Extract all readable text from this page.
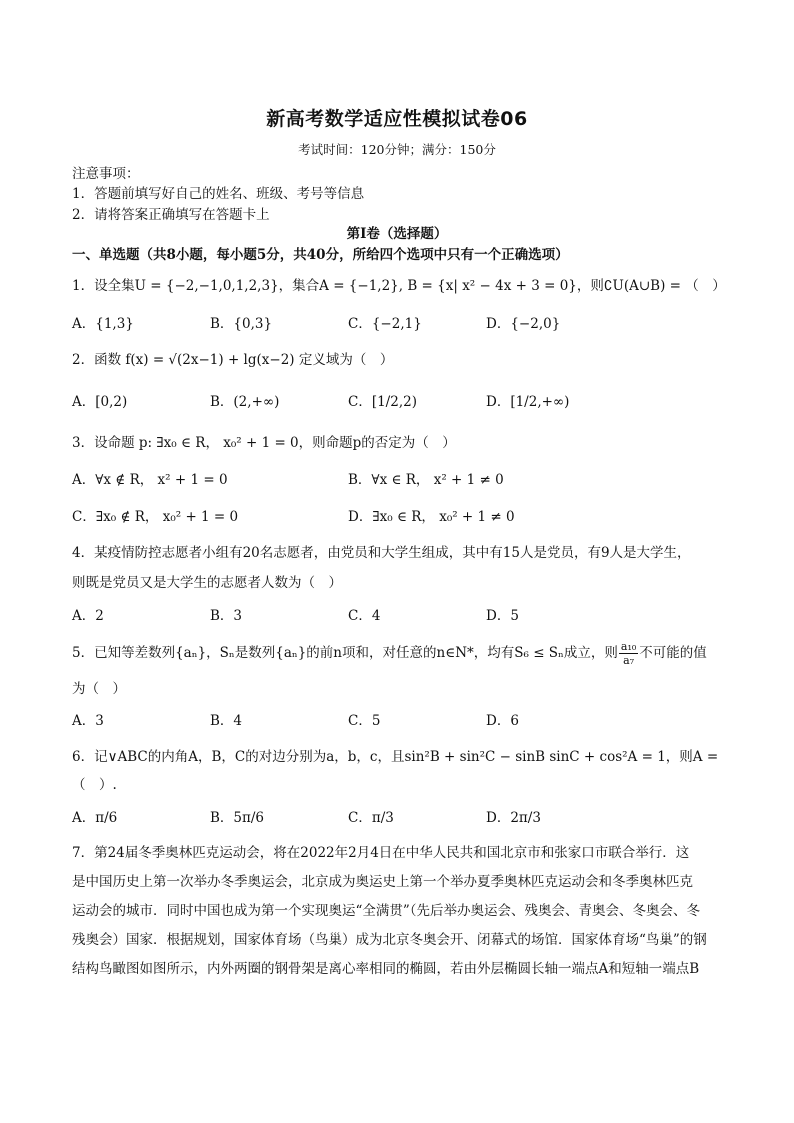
新高考数学适应性模拟试卷06
考试时间：120分钟；满分：150分
注意事项：
1．答题前填写好自己的姓名、班级、考号等信息
2．请将答案正确填写在答题卡上
第Ⅰ卷（选择题）
一、单选题（共8小题，每小题5分，共40分，所给四个选项中只有一个正确选项）
1．设全集U = {−2,−1,0,1,2,3}，集合A = {−1,2}, B = {x| x² − 4x + 3 = 0}，则∁U(A∪B) = （　）
A．{1,3}	B．{0,3}	C．{−2,1}	D．{−2,0}
2．函数 f(x) = √(2x−1) + lg(x−2) 定义域为（　）
A．[0,2)	B．(2,+∞)	C．[1/2,2)	D．[1/2,+∞)
3．设命题 p: ∃x₀ ∈ R， x₀² + 1 = 0，则命题p的否定为（　）
A．∀x ∉ R， x² + 1 = 0	B．∀x ∈ R， x² + 1 ≠ 0
C．∃x₀ ∉ R， x₀² + 1 = 0	D．∃x₀ ∈ R， x₀² + 1 ≠ 0
4．某疫情防控志愿者小组有20名志愿者，由党员和大学生组成，其中有15人是党员，有9人是大学生，
则既是党员又是大学生的志愿者人数为（　）
A．2	B．3	C．4	D．5
5．已知等差数列{aₙ}，Sₙ是数列{aₙ}的前n项和，对任意的n∈N*，均有S₆ ≤ Sₙ成立，则 $\frac{\text{a₁₀}}{\text{a₇}}$ 不可能的值
为（　）
A．3	B．4	C．5	D．6
6．记∨ABC的内角A，B，C的对边分别为a，b，c，且sin²B + sin²C − sinB sinC + cos²A = 1，则A =
（　）.
A．π/6	B．5π/6	C．π/3	D．2π/3
7．第24届冬季奥林匹克运动会，将在2022年2月4日在中华人民共和国北京市和张家口市联合举行．这
是中国历史上第一次举办冬季奥运会，北京成为奥运史上第一个举办夏季奥林匹克运动会和冬季奥林匹克
运动会的城市．同时中国也成为第一个实现奥运“全满贯”（先后举办奥运会、残奥会、青奥会、冬奥会、冬
残奥会）国家．根据规划，国家体育场（鸟巢）成为北京冬奥会开、闭幕式的场馆．国家体育场“鸟巢”的钢
结构鸟瞰图如图所示，内外两圈的钢骨架是离心率相同的椭圆，若由外层椭圆长轴一端点A和短轴一端点B
